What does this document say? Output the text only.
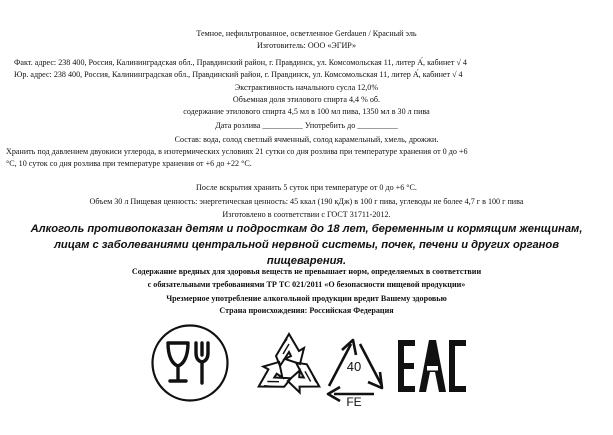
Темное, нефильтрованное, осветленное Gerdauen / Красный эль
Изготовитель: ООО «ЭГИР»
Факт. адрес: 238 400, Россия, Калининградская обл., Правдинский район, г. Правдинск, ул. Комсомольская 11, литер А́, кабинет √ 4
Юр. адрес: 238 400, Россия, Калининградская обл., Правдинский район, г. Правдинск, ул. Комсомольская 11, литер А́, кабинет √ 4
Экстрактивность начального сусла 12,0%
Объемная доля этилового спирта 4,4 % об.
содержание этилового спирта 4,5 мл в 100 мл пива, 1350 мл в 30 л пива
Дата розлива __________ Употребить до __________
Состав: вода, солод светлый ячменный, солод карамельный, хмель, дрожжи.
Хранить под давлением двуокиси углерода, в изотермических условиях 21 сутки со дня розлива при температуре хранения от 0 до +6
°С, 10 суток со дня розлива при температуре хранения от +6 до +22 °С.
После вскрытия хранить 5 суток при температуре от 0 до +6 °С.
Объем 30 л Пищевая ценность: энергетическая ценность: 45 ккал (190 кДж) в 100 г пива, углеводы не более 4,7 г в 100 г пива
Изготовлено в соответствии с ГОСТ 31711-2012.
Алкоголь противопоказан детям и подросткам до 18 лет, беременным и кормящим женщинам,
лицам с заболеваниями центральной нервной системы, почек, печени и других органов
пищеварения.
Содержание вредных для здоровья веществ не превышает норм, определяемых в соответствии
с обязательными требованиями ТР ТС 021/2011 «О безопасности пищевой продукции»
Чрезмерное употребление алкогольной продукции вредит Вашему здоровью
Страна происхождения: Российская Федерация
40
FE
